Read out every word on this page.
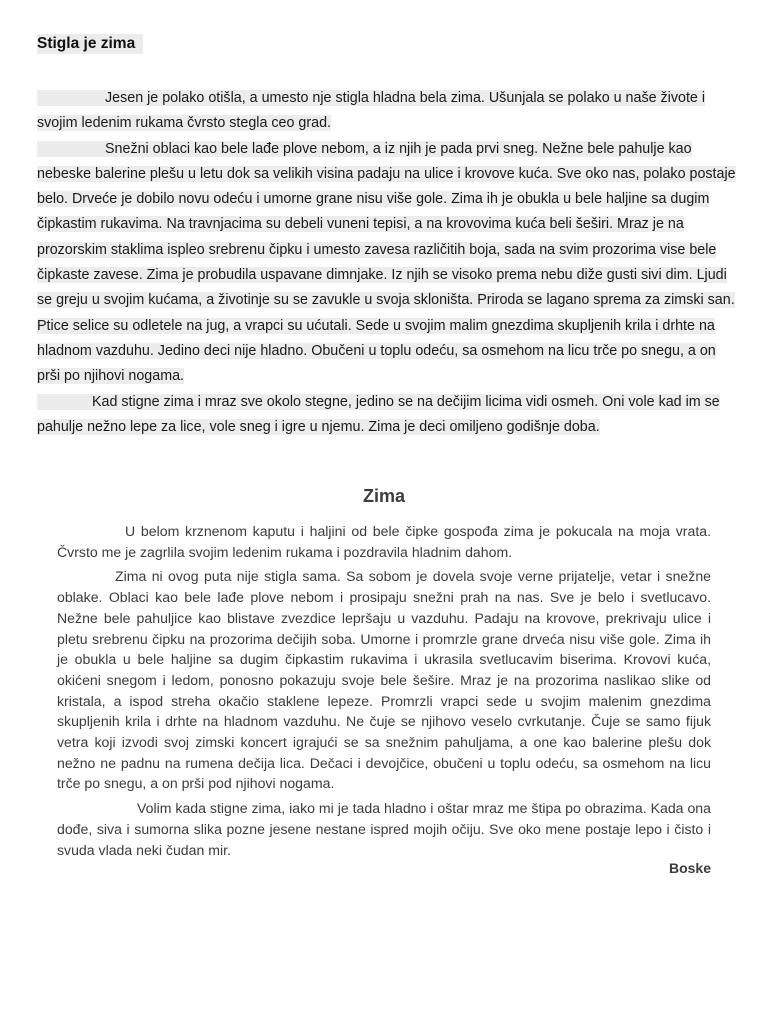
Stigla je zima

Jesen je polako otišla, a umesto nje stigla hladna bela zima. Ušunjala se polako u naše živote i svojim ledenim rukama čvrsto stegla ceo grad.

Snežni oblaci kao bele lađe plove nebom, a iz njih je pada prvi sneg. Nežne bele pahulje kao nebeske balerine plešu u letu dok sa velikih visina padaju na ulice i krovove kuća. Sve oko nas, polako postaje belo. Drveće je dobilo novu odeću i umorne grane nisu više gole. Zima ih je obukla u bele haljine sa dugim čipkastim rukavima. Na travnjacima su debeli vuneni tepisi, a na krovovima kuća beli šeširi. Mraz je na prozorskim staklima ispleo srebrenu čipku i umesto zavesa različitih boja, sada na svim prozorima vise bele čipkaste zavese. Zima je probudila uspavane dimnjake. Iz njih se visoko prema nebu diže gusti sivi dim. Ljudi se greju u svojim kućama, a životinje su se zavukle u svoja skloništa. Priroda se lagano sprema za zimski san. Ptice selice su odletele na jug, a vrapci su ućutali. Sede u svojim malim gnezdima skupljenih krila i drhte na hladnom vazduhu. Jedino deci nije hladno. Obučeni u toplu odeću, sa osmehom na licu trče po snegu, a on prši po njihovi nogama.

Kad stigne zima i mraz sve okolo stegne, jedino se na dečijim licima vidi osmeh. Oni vole kad im se pahulje nežno lepe za lice, vole sneg i igre u njemu. Zima je deci omiljeno godišnje doba.

Zima

U belom krznenom kaputu i haljini od bele čipke gospođa zima je pokucala na moja vrata. Čvrsto me je zagrlila svojim ledenim rukama i pozdravila hladnim dahom.

Zima ni ovog puta nije stigla sama. Sa sobom je dovela svoje verne prijatelje, vetar i snežne oblake. Oblaci kao bele lađe plove nebom i prosipaju snežni prah na nas. Sve je belo i svetlucavo. Nežne bele pahuljice kao blistave zvezdice lepršaju u vazduhu. Padaju na krovove, prekrivaju ulice i pletu srebrenu čipku na prozorima dečijih soba. Umorne i promrzle grane drveća nisu više gole. Zima ih je obukla u bele haljine sa dugim čipkastim rukavima i ukrasila svetlucavim biserima. Krovovi kuća, okićeni snegom i ledom, ponosno pokazuju svoje bele šešire. Mraz je na prozorima naslikao slike od kristala, a ispod streha okačio staklene lepeze. Promrzli vrapci sede u svojim malenim gnezdima skupljenih krila i drhte na hladnom vazduhu. Ne čuje se njihovo veselo cvrkutanje. Čuje se samo fijuk vetra koji izvodi svoj zimski koncert igrajući se sa snežnim pahuljama, a one kao balerine plešu dok nežno ne padnu na rumena dečija lica. Dečaci i devojčice, obučeni u toplu odeću, sa osmehom na licu trče po snegu, a on prši pod njihovi nogama.

Volim kada stigne zima, iako mi je tada hladno i oštar mraz me štipa po obrazima. Kada ona dođe, siva i sumorna slika pozne jesene nestane ispred mojih očiju. Sve oko mene postaje lepo i čisto i svuda vlada neki čudan mir.

Boske
